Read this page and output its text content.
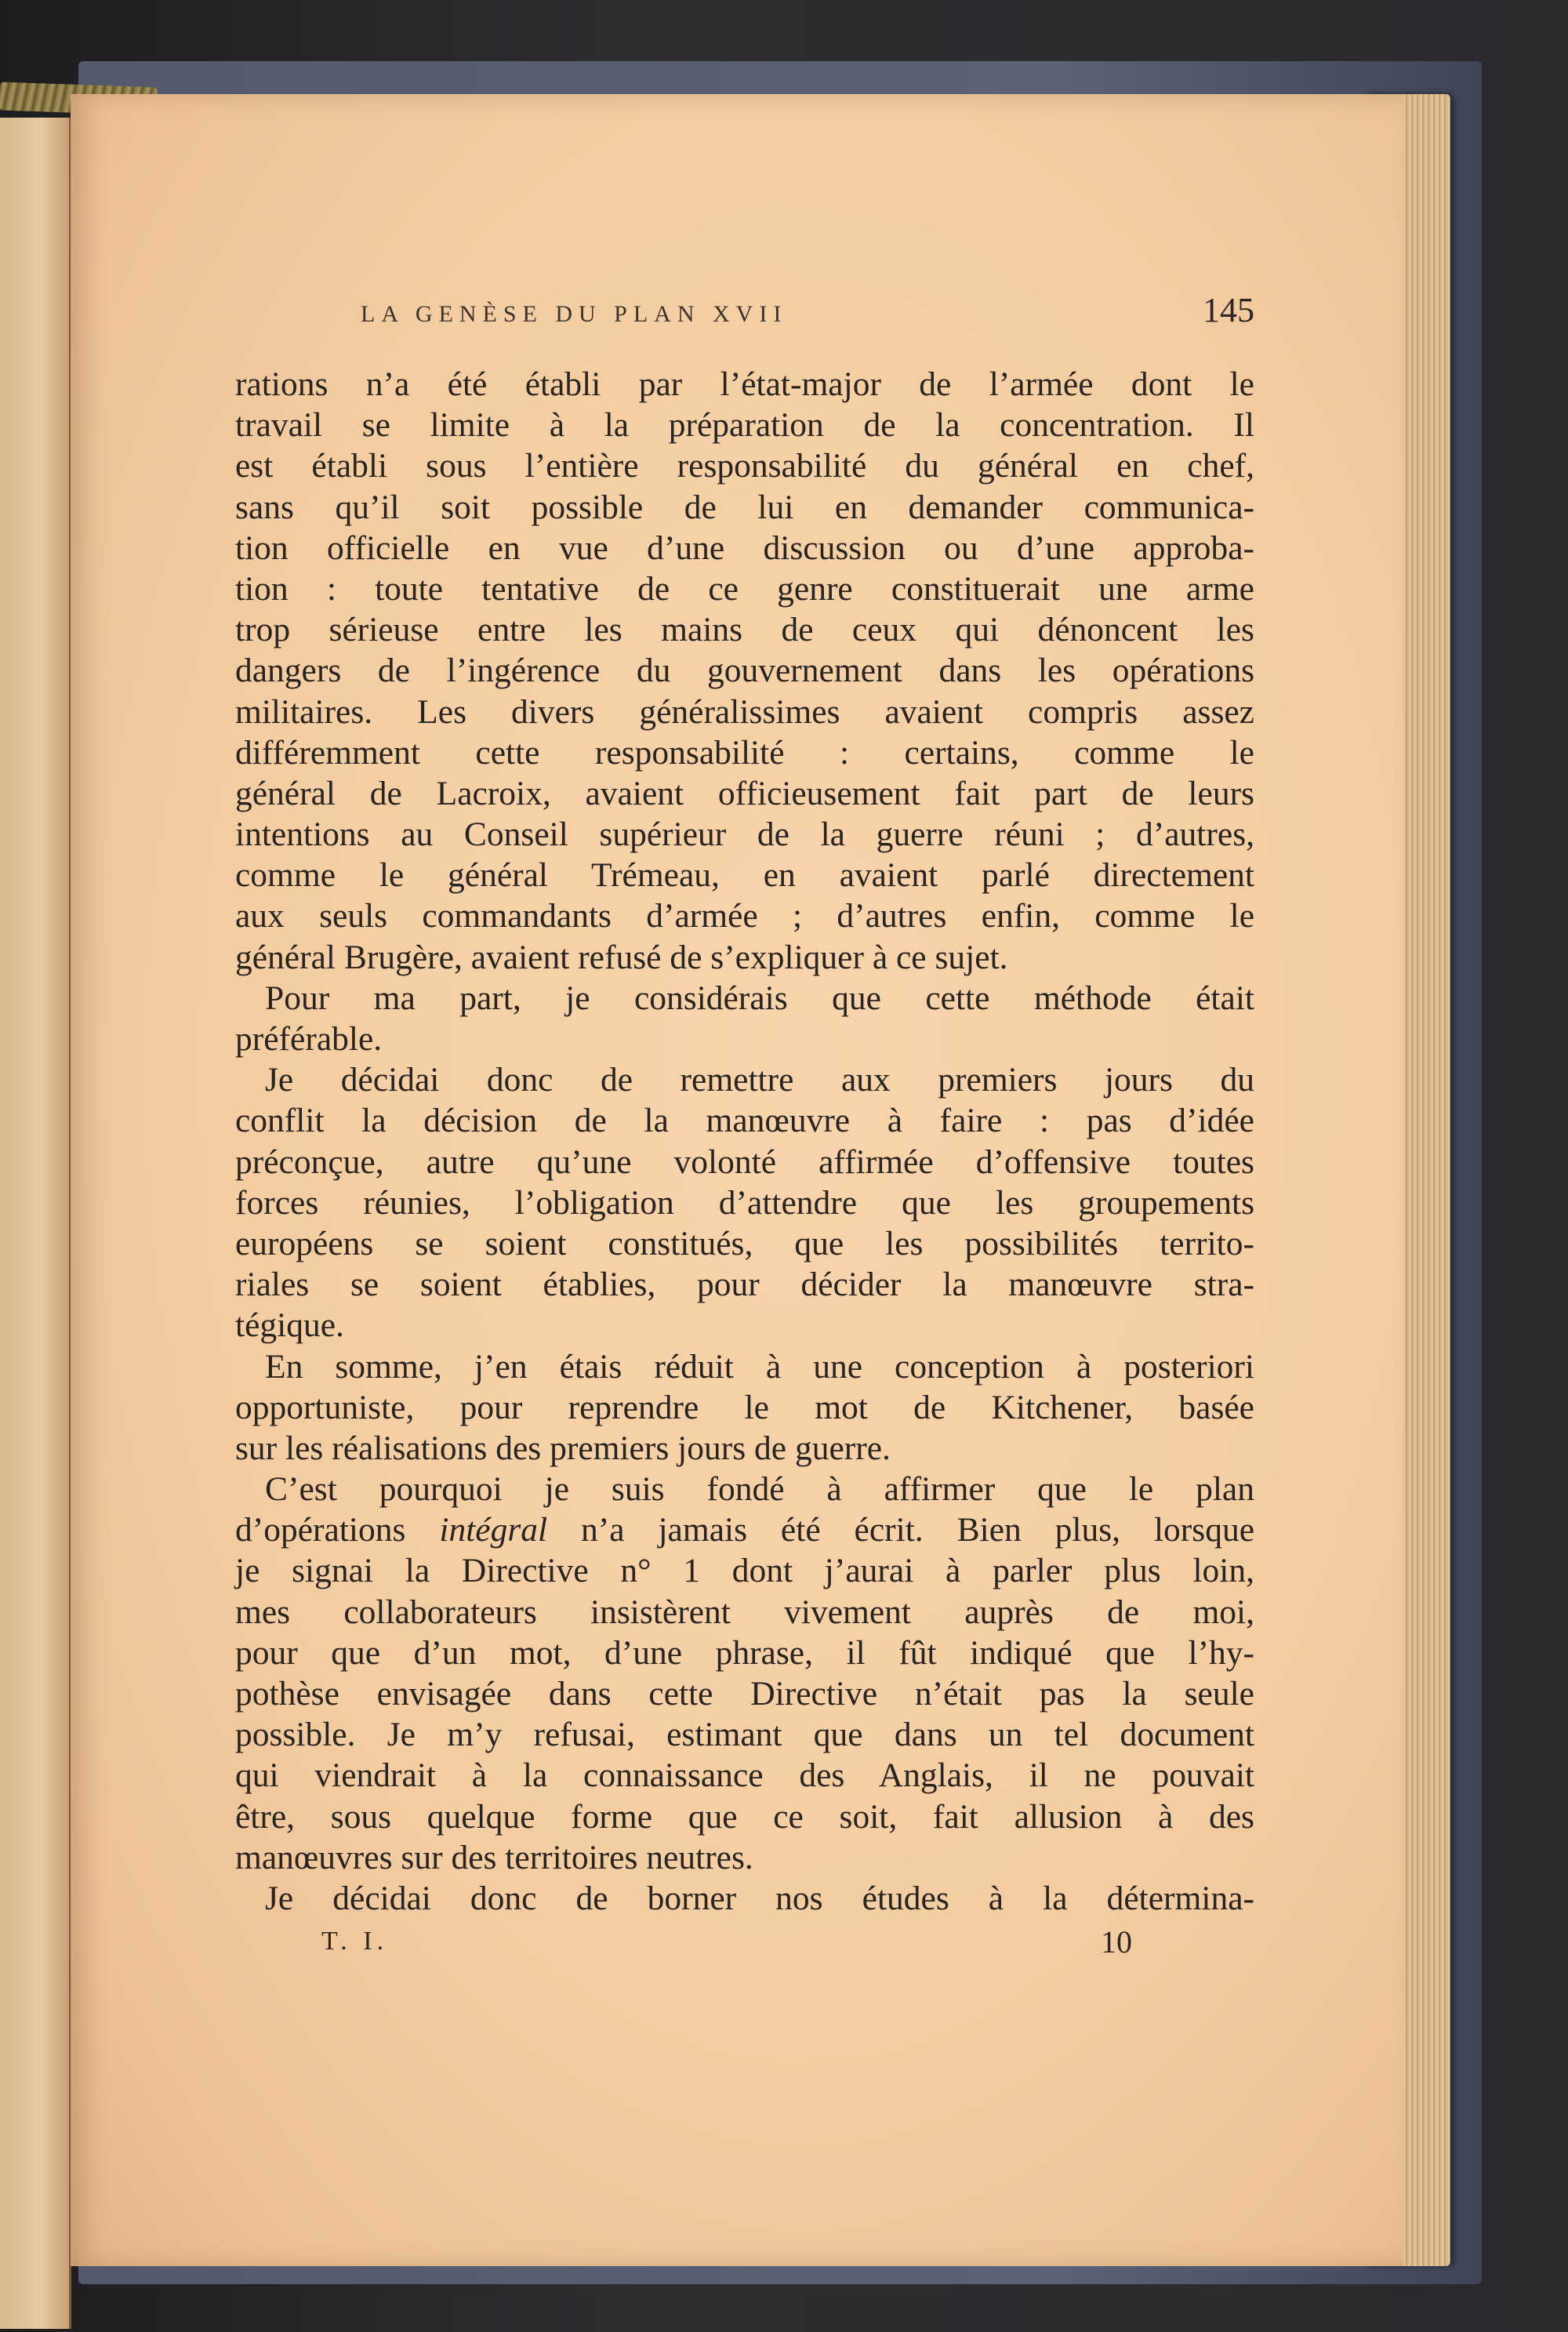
LA GENÈSE DU PLAN XVII	145
rations n’a été établi par l’état-major de l’armée dont le
travail se limite à la préparation de la concentration. Il
est établi sous l’entière responsabilité du général en chef,
sans qu’il soit possible de lui en demander communica-
tion officielle en vue d’une discussion ou d’une approba-
tion : toute tentative de ce genre constituerait une arme
trop sérieuse entre les mains de ceux qui dénoncent les
dangers de l’ingérence du gouvernement dans les opérations
militaires. Les divers généralissimes avaient compris assez
différemment cette responsabilité : certains, comme le
général de Lacroix, avaient officieusement fait part de leurs
intentions au Conseil supérieur de la guerre réuni ; d’autres,
comme le général Trémeau, en avaient parlé directement
aux seuls commandants d’armée ; d’autres enfin, comme le
général Brugère, avaient refusé de s’expliquer à ce sujet.
Pour ma part, je considérais que cette méthode était
préférable.
Je décidai donc de remettre aux premiers jours du
conflit la décision de la manœuvre à faire : pas d’idée
préconçue, autre qu’une volonté affirmée d’offensive toutes
forces réunies, l’obligation d’attendre que les groupements
européens se soient constitués, que les possibilités territo-
riales se soient établies, pour décider la manœuvre stra-
tégique.
En somme, j’en étais réduit à une conception à posteriori
opportuniste, pour reprendre le mot de Kitchener, basée
sur les réalisations des premiers jours de guerre.
C’est pourquoi je suis fondé à affirmer que le plan
d’opérations intégral n’a jamais été écrit. Bien plus, lorsque
je signai la Directive n° 1 dont j’aurai à parler plus loin,
mes collaborateurs insistèrent vivement auprès de moi,
pour que d’un mot, d’une phrase, il fût indiqué que l’hy-
pothèse envisagée dans cette Directive n’était pas la seule
possible. Je m’y refusai, estimant que dans un tel document
qui viendrait à la connaissance des Anglais, il ne pouvait
être, sous quelque forme que ce soit, fait allusion à des
manœuvres sur des territoires neutres.
Je décidai donc de borner nos études à la détermina-
T. I.	10
